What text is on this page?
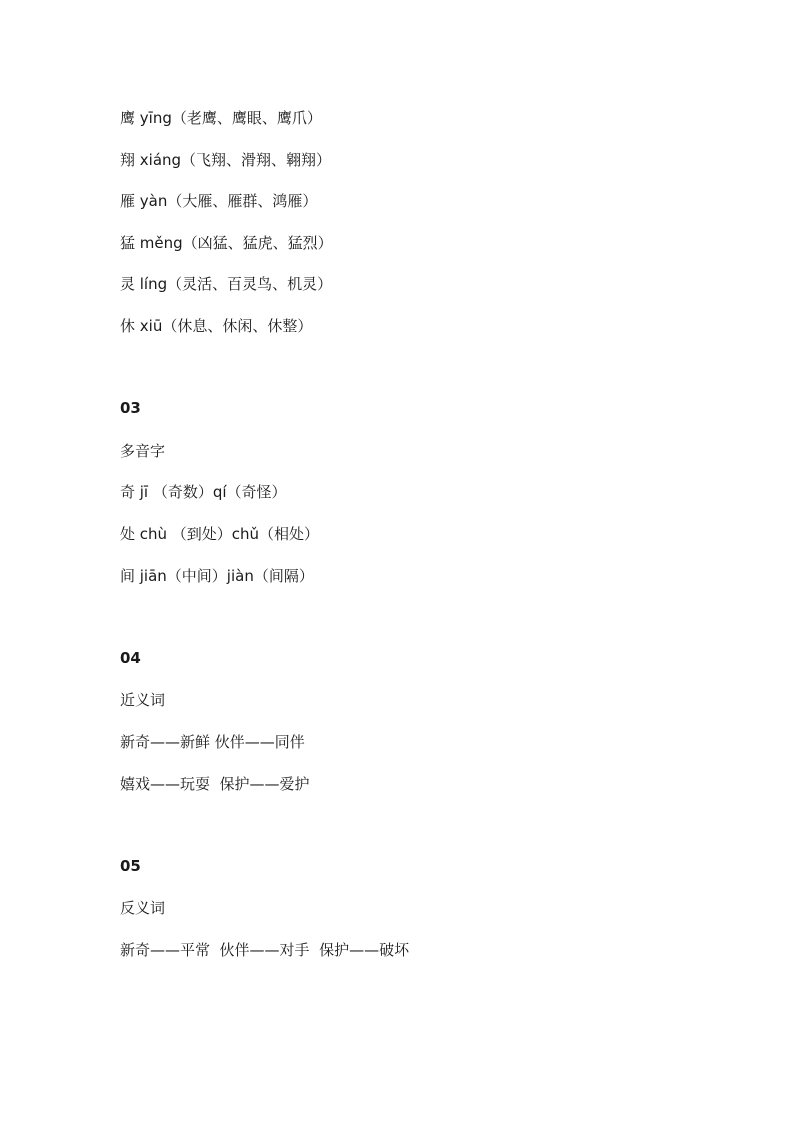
鹰 yīng（老鹰、鹰眼、鹰爪）
翔 xiáng（飞翔、滑翔、翱翔）
雁 yàn（大雁、雁群、鸿雁）
猛 měng（凶猛、猛虎、猛烈）
灵 líng（灵活、百灵鸟、机灵）
休 xiū（休息、休闲、休整）
03
多音字
奇 jī （奇数）qí（奇怪）
处 chù （到处）chǔ（相处）
间 jiān（中间）jiàn（间隔）
04
近义词
新奇——新鲜 伙伴——同伴
嬉戏——玩耍  保护——爱护
05
反义词
新奇——平常  伙伴——对手  保护——破坏
